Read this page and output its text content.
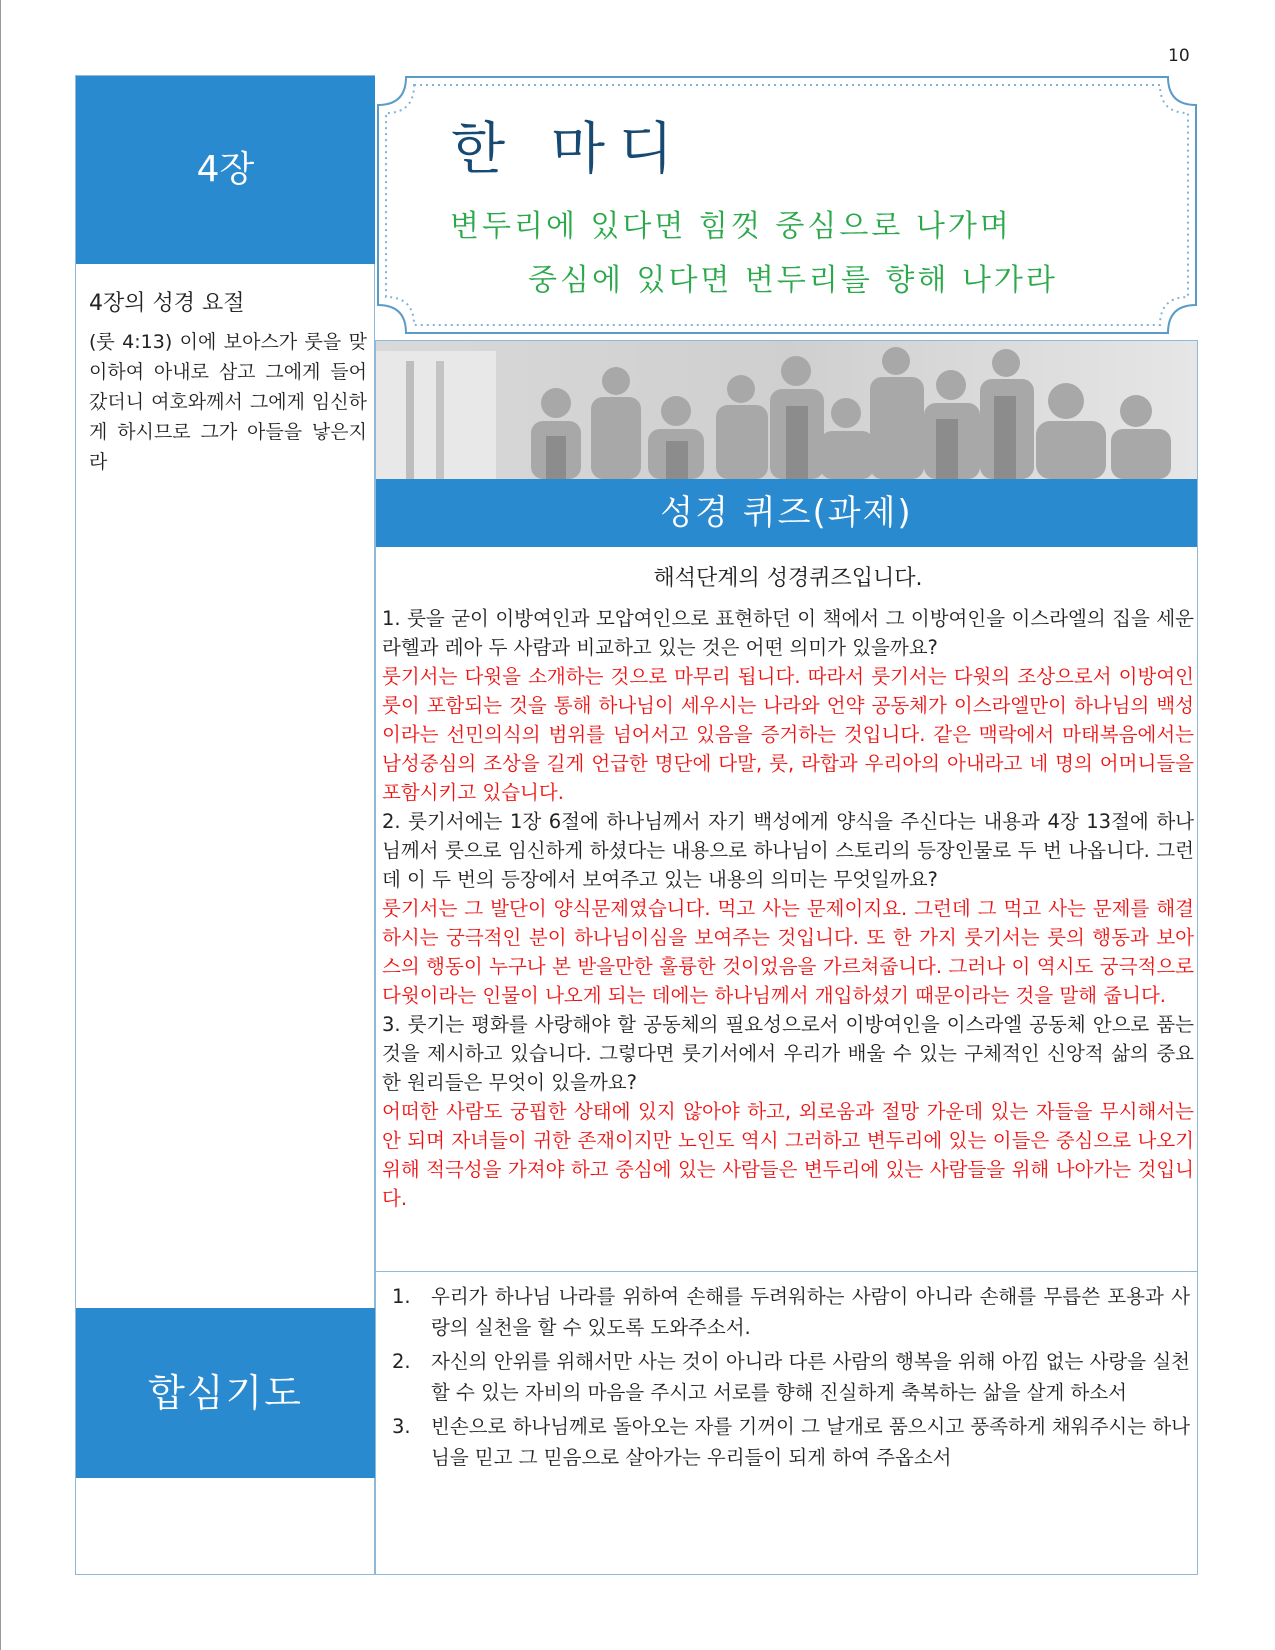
10
4장
4장의 성경 요절
(룻 4:13) 이에 보아스가 룻을 맞이하여 아내로 삼고 그에게 들어갔더니 여호와께서 그에게 임신하게 하시므로 그가 아들을 낳은지라
합심기도
한 마디
변두리에 있다면 힘껏 중심으로 나가며
중심에 있다면 변두리를 향해 나가라
성경 퀴즈(과제)
해석단계의 성경퀴즈입니다.

1. 룻을 굳이 이방여인과 모압여인으로 표현하던 이 책에서 그 이방여인을 이스라엘의 집을 세운 라헬과 레아 두 사람과 비교하고 있는 것은 어떤 의미가 있을까요?

룻기서는 다윗을 소개하는 것으로 마무리 됩니다. 따라서 룻기서는 다윗의 조상으로서 이방여인 룻이 포함되는 것을 통해 하나님이 세우시는 나라와 언약 공동체가 이스라엘만이 하나님의 백성이라는 선민의식의 범위를 넘어서고 있음을 증거하는 것입니다. 같은 맥락에서 마태복음에서는 남성중심의 조상을 길게 언급한 명단에 다말, 룻, 라합과 우리아의 아내라고 네 명의 어머니들을 포함시키고 있습니다.

2. 룻기서에는 1장 6절에 하나님께서 자기 백성에게 양식을 주신다는 내용과 4장 13절에 하나님께서 룻으로 임신하게 하셨다는 내용으로 하나님이 스토리의 등장인물로 두 번 나옵니다. 그런데 이 두 번의 등장에서 보여주고 있는 내용의 의미는 무엇일까요?

룻기서는 그 발단이 양식문제였습니다. 먹고 사는 문제이지요. 그런데 그 먹고 사는 문제를 해결하시는 궁극적인 분이 하나님이심을 보여주는 것입니다. 또 한 가지 룻기서는 룻의 행동과 보아스의 행동이 누구나 본 받을만한 훌륭한 것이었음을 가르쳐줍니다. 그러나 이 역시도 궁극적으로 다윗이라는 인물이 나오게 되는 데에는 하나님께서 개입하셨기 때문이라는 것을 말해 줍니다.

3. 룻기는 평화를 사랑해야 할 공동체의 필요성으로서 이방여인을 이스라엘 공동체 안으로 품는 것을 제시하고 있습니다. 그렇다면 룻기서에서 우리가 배울 수 있는 구체적인 신앙적 삶의 중요한 원리들은 무엇이 있을까요?

어떠한 사람도 궁핍한 상태에 있지 않아야 하고, 외로움과 절망 가운데 있는 자들을 무시해서는 안 되며 자녀들이 귀한 존재이지만 노인도 역시 그러하고 변두리에 있는 이들은 중심으로 나오기 위해 적극성을 가져야 하고 중심에 있는 사람들은 변두리에 있는 사람들을 위해 나아가는 것입니다.

1. 우리가 하나님 나라를 위하여 손해를 두려워하는 사람이 아니라 손해를 무릅쓴 포용과 사랑의 실천을 할 수 있도록 도와주소서.
2. 자신의 안위를 위해서만 사는 것이 아니라 다른 사람의 행복을 위해 아낌 없는 사랑을 실천할 수 있는 자비의 마음을 주시고 서로를 향해 진실하게 축복하는 삶을 살게 하소서
3. 빈손으로 하나님께로 돌아오는 자를 기꺼이 그 날개로 품으시고 풍족하게 채워주시는 하나님을 믿고 그 믿음으로 살아가는 우리들이 되게 하여 주옵소서
